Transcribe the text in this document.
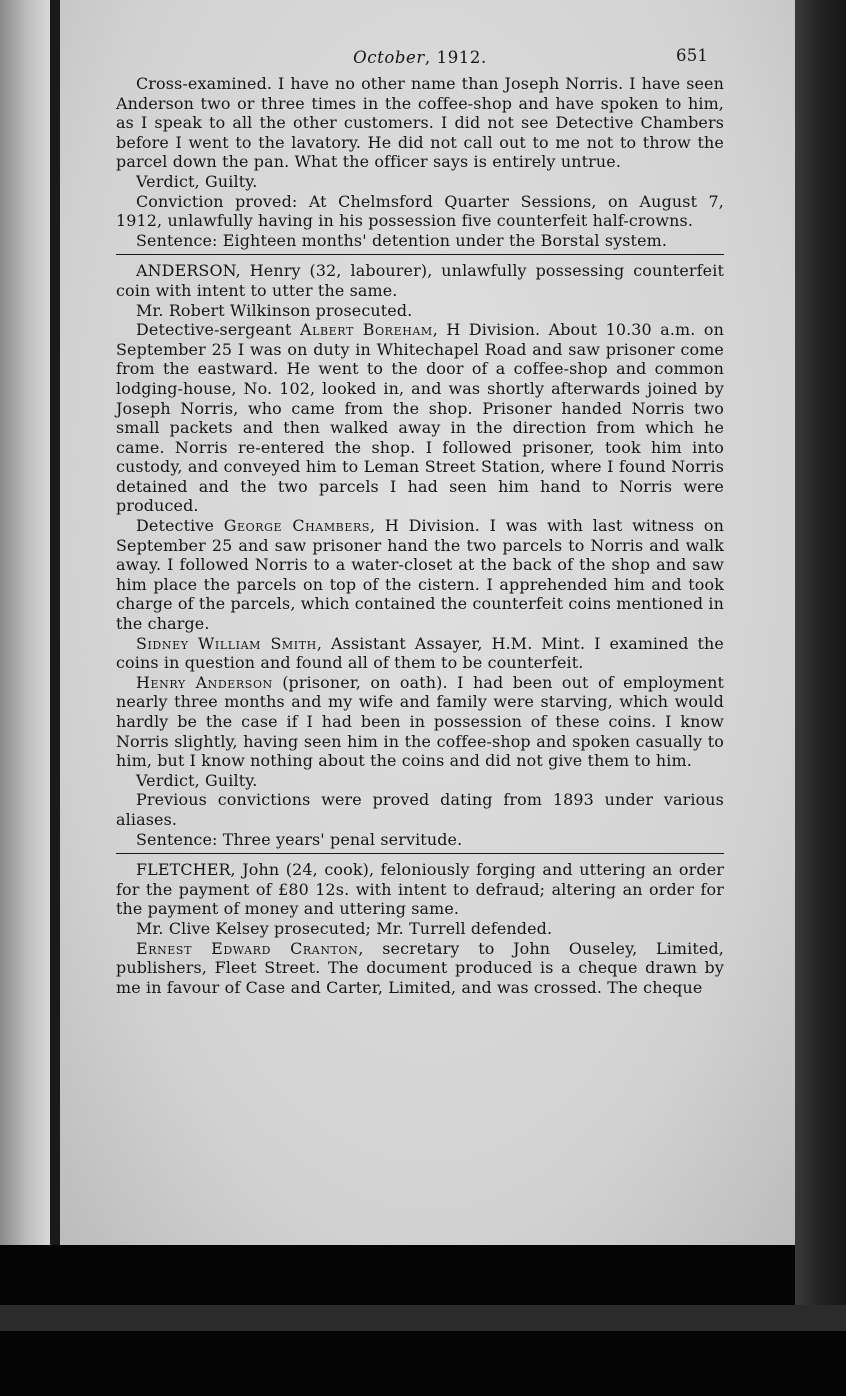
October, 1912.	651

Cross-examined. I have no other name than Joseph Norris. I have seen Anderson two or three times in the coffee-shop and have spoken to him, as I speak to all the other customers. I did not see Detective Chambers before I went to the lavatory. He did not call out to me not to throw the parcel down the pan. What the officer says is entirely untrue.

Verdict, Guilty.

Conviction proved: At Chelmsford Quarter Sessions, on August 7, 1912, unlawfully having in his possession five counterfeit half-crowns.

Sentence: Eighteen months' detention under the Borstal system.

ANDERSON, Henry (32, labourer), unlawfully possessing counterfeit coin with intent to utter the same.

Mr. Robert Wilkinson prosecuted.

Detective-sergeant Albert Boreham, H Division. About 10.30 a.m. on September 25 I was on duty in Whitechapel Road and saw prisoner come from the eastward. He went to the door of a coffee-shop and common lodging-house, No. 102, looked in, and was shortly afterwards joined by Joseph Norris, who came from the shop. Prisoner handed Norris two small packets and then walked away in the direction from which he came. Norris re-entered the shop. I followed prisoner, took him into custody, and conveyed him to Leman Street Station, where I found Norris detained and the two parcels I had seen him hand to Norris were produced.

Detective George Chambers, H Division. I was with last witness on September 25 and saw prisoner hand the two parcels to Norris and walk away. I followed Norris to a water-closet at the back of the shop and saw him place the parcels on top of the cistern. I apprehended him and took charge of the parcels, which contained the counterfeit coins mentioned in the charge.

Sidney William Smith, Assistant Assayer, H.M. Mint. I examined the coins in question and found all of them to be counterfeit.

Henry Anderson (prisoner, on oath). I had been out of employment nearly three months and my wife and family were starving, which would hardly be the case if I had been in possession of these coins. I know Norris slightly, having seen him in the coffee-shop and spoken casually to him, but I know nothing about the coins and did not give them to him.

Verdict, Guilty.

Previous convictions were proved dating from 1893 under various aliases.

Sentence: Three years' penal servitude.

FLETCHER, John (24, cook), feloniously forging and uttering an order for the payment of £80 12s. with intent to defraud; altering an order for the payment of money and uttering same.

Mr. Clive Kelsey prosecuted; Mr. Turrell defended.

Ernest Edward Cranton, secretary to John Ouseley, Limited, publishers, Fleet Street. The document produced is a cheque drawn by me in favour of Case and Carter, Limited, and was crossed. The cheque
